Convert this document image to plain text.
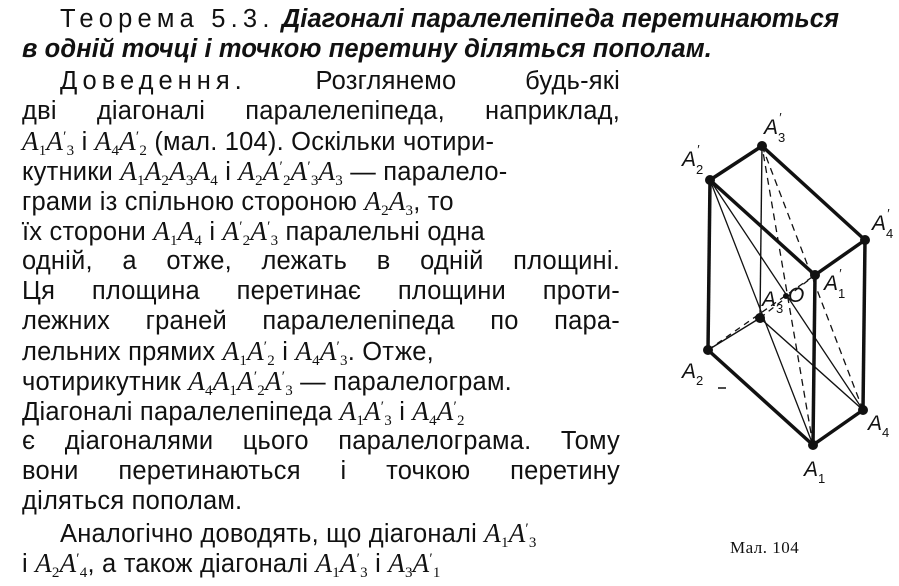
Теорема 5.3. Діагоналі паралелепіпеда перетинаються
в одній точці і точкою перетину діляться пополам.
Доведення. Розглянемо будь-які
дві діагоналі паралелепіпеда, наприклад,
$A_1A'_3$ і $A_4A'_2$ (мал. 104). Оскільки чотири-
кутники $A_1A_2A_3A_4$ і $A_2A'_2A'_3A_3$ — паралело-
грами із спільною стороною $A_2A_3$, то
їх сторони $A_1A_4$ і $A'_2A'_3$ паралельні одна
одній, а отже, лежать в одній площині.
Ця площина перетинає площини проти-
лежних граней паралелепіпеда по пара-
лельних прямих $A_1A'_2$ і $A_4A'_3$. Отже,
чотирикутник $A_4A_1A'_2A'_3$ — паралелограм.
Діагоналі паралелепіпеда $A_1A'_3$ і $A_4A'_2$
є діагоналями цього паралелограма. Тому
вони перетинаються і точкою перетину
діляться пополам.
Аналогічно доводять, що діагоналі $A_1A'_3$
і $A_2A'_4$, а також діагоналі $A_1A'_3$ і $A_3A'_1$
$A_3'$
$A_2'$
$A_4'$
$A_1'$
$A_3$
O
$A_2$
$A_4$
$A_1$
Мал. 104
